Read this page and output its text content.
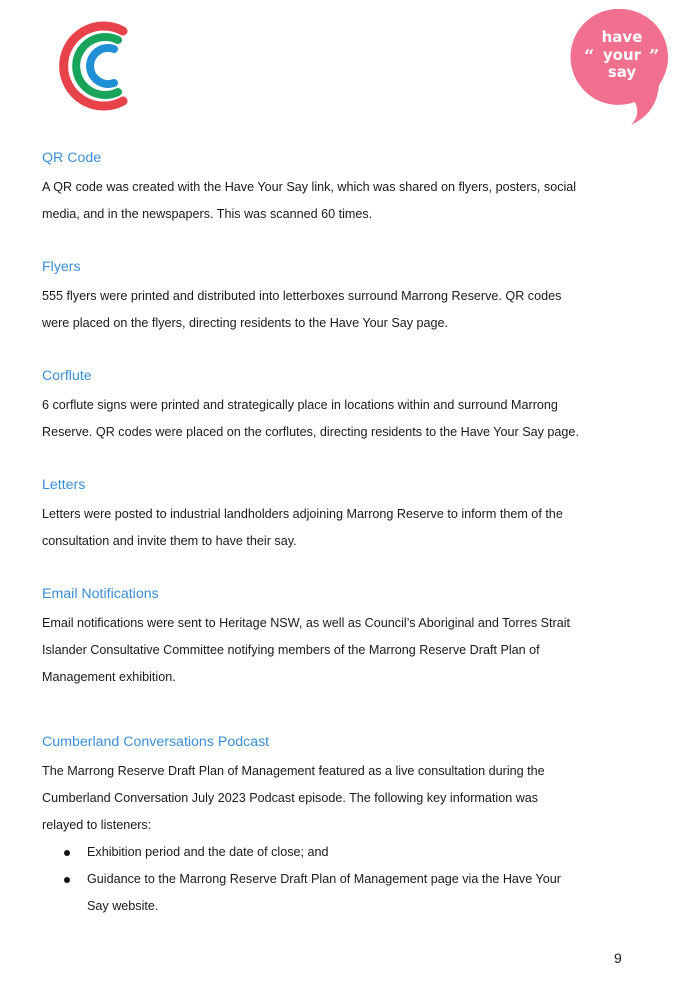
have
your
say
“	”
QR Code
A QR code was created with the Have Your Say link, which was shared on flyers, posters, social
media, and in the newspapers. This was scanned 60 times.
Flyers
555 flyers were printed and distributed into letterboxes surround Marrong Reserve. QR codes
were placed on the flyers, directing residents to the Have Your Say page.
Corflute
6 corflute signs were printed and strategically place in locations within and surround Marrong
Reserve. QR codes were placed on the corflutes, directing residents to the Have Your Say page.
Letters
Letters were posted to industrial landholders adjoining Marrong Reserve to inform them of the
consultation and invite them to have their say.
Email Notifications
Email notifications were sent to Heritage NSW, as well as Council’s Aboriginal and Torres Strait
Islander Consultative Committee notifying members of the Marrong Reserve Draft Plan of
Management exhibition.
Cumberland Conversations Podcast
The Marrong Reserve Draft Plan of Management featured as a live consultation during the
Cumberland Conversation July 2023 Podcast episode. The following key information was
relayed to listeners:
Exhibition period and the date of close; and
Guidance to the Marrong Reserve Draft Plan of Management page via the Have Your
Say website.
9
